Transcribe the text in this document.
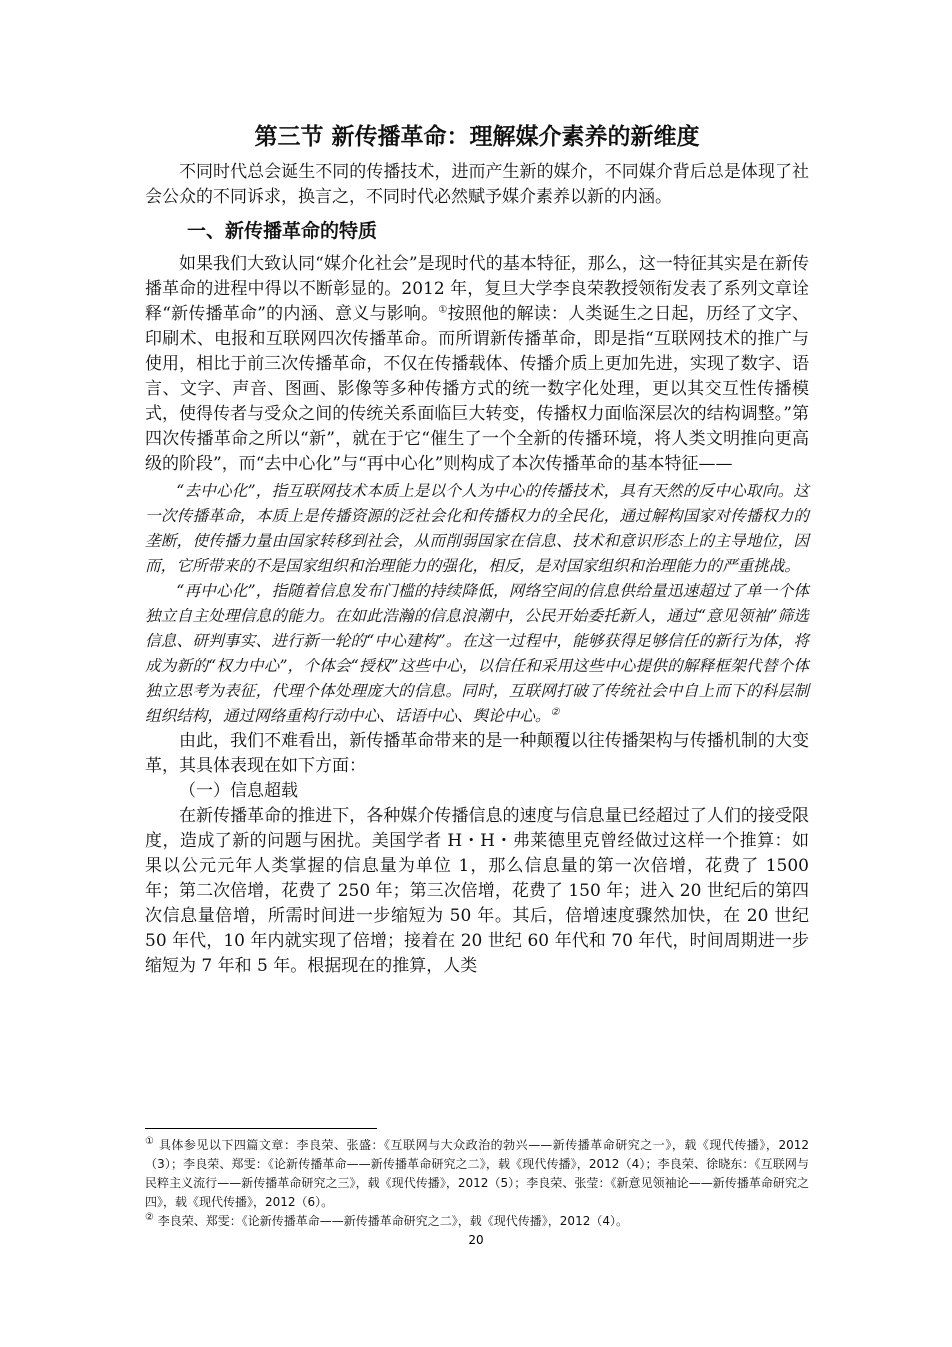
第三节 新传播革命：理解媒介素养的新维度

不同时代总会诞生不同的传播技术，进而产生新的媒介，不同媒介背后总是体现了社会公众的不同诉求，换言之，不同时代必然赋予媒介素养以新的内涵。

一、新传播革命的特质

如果我们大致认同“媒介化社会”是现时代的基本特征，那么，这一特征其实是在新传播革命的进程中得以不断彰显的。2012 年，复旦大学李良荣教授领衔发表了系列文章诠释“新传播革命”的内涵、意义与影响。①按照他的解读：人类诞生之日起，历经了文字、印刷术、电报和互联网四次传播革命。而所谓新传播革命，即是指“互联网技术的推广与使用，相比于前三次传播革命，不仅在传播载体、传播介质上更加先进，实现了数字、语言、文字、声音、图画、影像等多种传播方式的统一数字化处理，更以其交互性传播模式，使得传者与受众之间的传统关系面临巨大转变，传播权力面临深层次的结构调整。”第四次传播革命之所以“新”，就在于它“催生了一个全新的传播环境，将人类文明推向更高级的阶段”，而“去中心化”与“再中心化”则构成了本次传播革命的基本特征——

“去中心化”，指互联网技术本质上是以个人为中心的传播技术，具有天然的反中心取向。这一次传播革命，本质上是传播资源的泛社会化和传播权力的全民化，通过解构国家对传播权力的垄断，使传播力量由国家转移到社会，从而削弱国家在信息、技术和意识形态上的主导地位，因而，它所带来的不是国家组织和治理能力的强化，相反，是对国家组织和治理能力的严重挑战。

“再中心化”，指随着信息发布门槛的持续降低，网络空间的信息供给量迅速超过了单一个体独立自主处理信息的能力。在如此浩瀚的信息浪潮中，公民开始委托新人，通过“意见领袖”筛选信息、研判事实、进行新一轮的“中心建构”。在这一过程中，能够获得足够信任的新行为体，将成为新的“权力中心”，个体会“授权”这些中心，以信任和采用这些中心提供的解释框架代替个体独立思考为表征，代理个体处理庞大的信息。同时，互联网打破了传统社会中自上而下的科层制组织结构，通过网络重构行动中心、话语中心、舆论中心。②

由此，我们不难看出，新传播革命带来的是一种颠覆以往传播架构与传播机制的大变革，其具体表现在如下方面：

（一）信息超载

在新传播革命的推进下，各种媒介传播信息的速度与信息量已经超过了人们的接受限度，造成了新的问题与困扰。美国学者 H・H・弗莱德里克曾经做过这样一个推算：如果以公元元年人类掌握的信息量为单位 1，那么信息量的第一次倍增，花费了 1500 年；第二次倍增，花费了 250 年；第三次倍增，花费了 150 年；进入 20 世纪后的第四次信息量倍增，所需时间进一步缩短为 50 年。其后，倍增速度骤然加快，在 20 世纪 50 年代，10 年内就实现了倍增；接着在 20 世纪 60 年代和 70 年代，时间周期进一步缩短为 7 年和 5 年。根据现在的推算，人类

① 具体参见以下四篇文章：李良荣、张盛：《互联网与大众政治的勃兴——新传播革命研究之一》，载《现代传播》，2012（3）；李良荣、郑雯：《论新传播革命——新传播革命研究之二》，载《现代传播》，2012（4）；李良荣、徐晓东：《互联网与民粹主义流行——新传播革命研究之三》，载《现代传播》，2012（5）；李良荣、张莹：《新意见领袖论——新传播革命研究之四》，载《现代传播》，2012（6）。

② 李良荣、郑雯：《论新传播革命——新传播革命研究之二》，载《现代传播》，2012（4）。

20
